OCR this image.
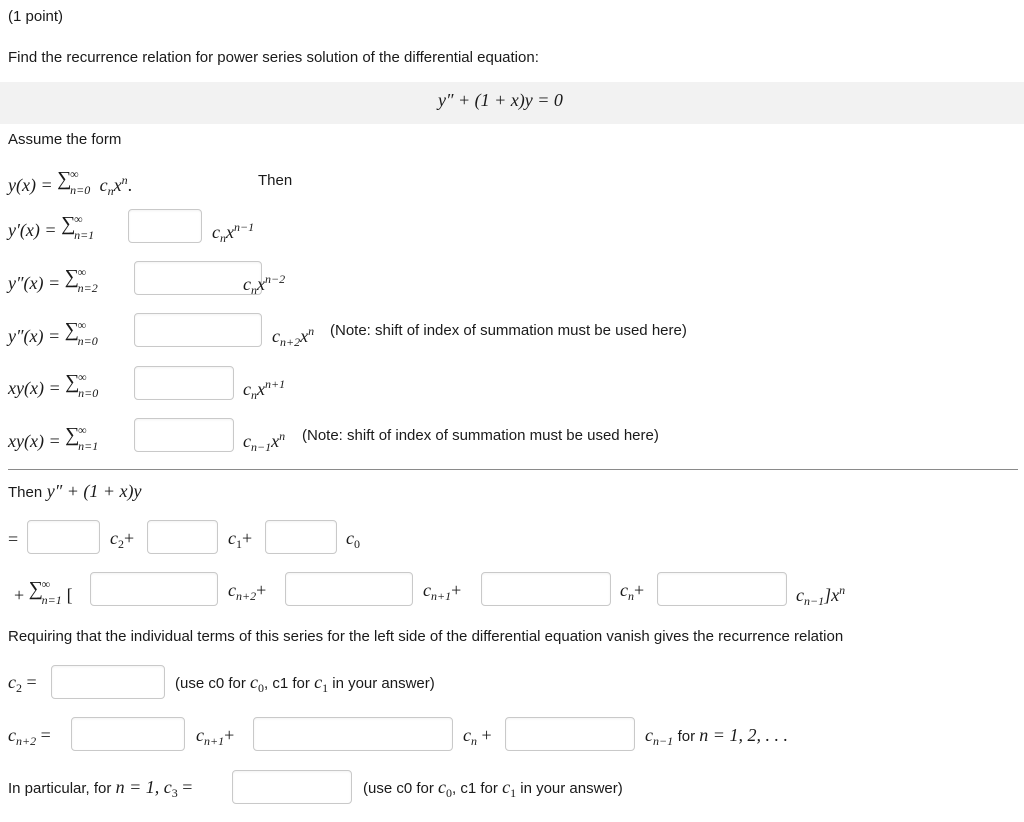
(1 point)
Find the recurrence relation for power series solution of the differential equation:
y″ + (1 + x)y = 0
Assume the form
y(x) = ∑
∞
n=0 $c_nx^n$.	Then
y′(x) = ∑
∞
n=1	$c_nx^{n-1}$
y″(x) = ∑
∞
n=2	$c_nx^{n-2}$
y″(x) = ∑
∞
n=0	$c_{n+2}x^n$ (Note: shift of index of summation must be used here)
xy(x) = ∑
∞
n=0	$c_nx^{n+1}$
xy(x) = ∑
∞
n=1	$c_{n-1}x^n$ (Note: shift of index of summation must be used here)
Then y″ + (1 + x)y
=	$c_2+$	$c_1+$	$c_0$
+ ∑
∞
n=1 [	$c_{n+2}+$	$c_{n+1}+$	$c_n+$	$c_{n-1}]x^n$
Requiring that the individual terms of this series for the left side of the differential equation vanish gives the recurrence relation
$c_2$ =	(use c0 for $c_0$, c1 for $c_1$ in your answer)
$c_{n+2}$ =	$c_{n+1}+$	$c_n$ +	$c_{n-1}$ for n = 1, 2, . . .
In particular, for n = 1, $c_3$ =	(use c0 for $c_0$, c1 for $c_1$ in your answer)
